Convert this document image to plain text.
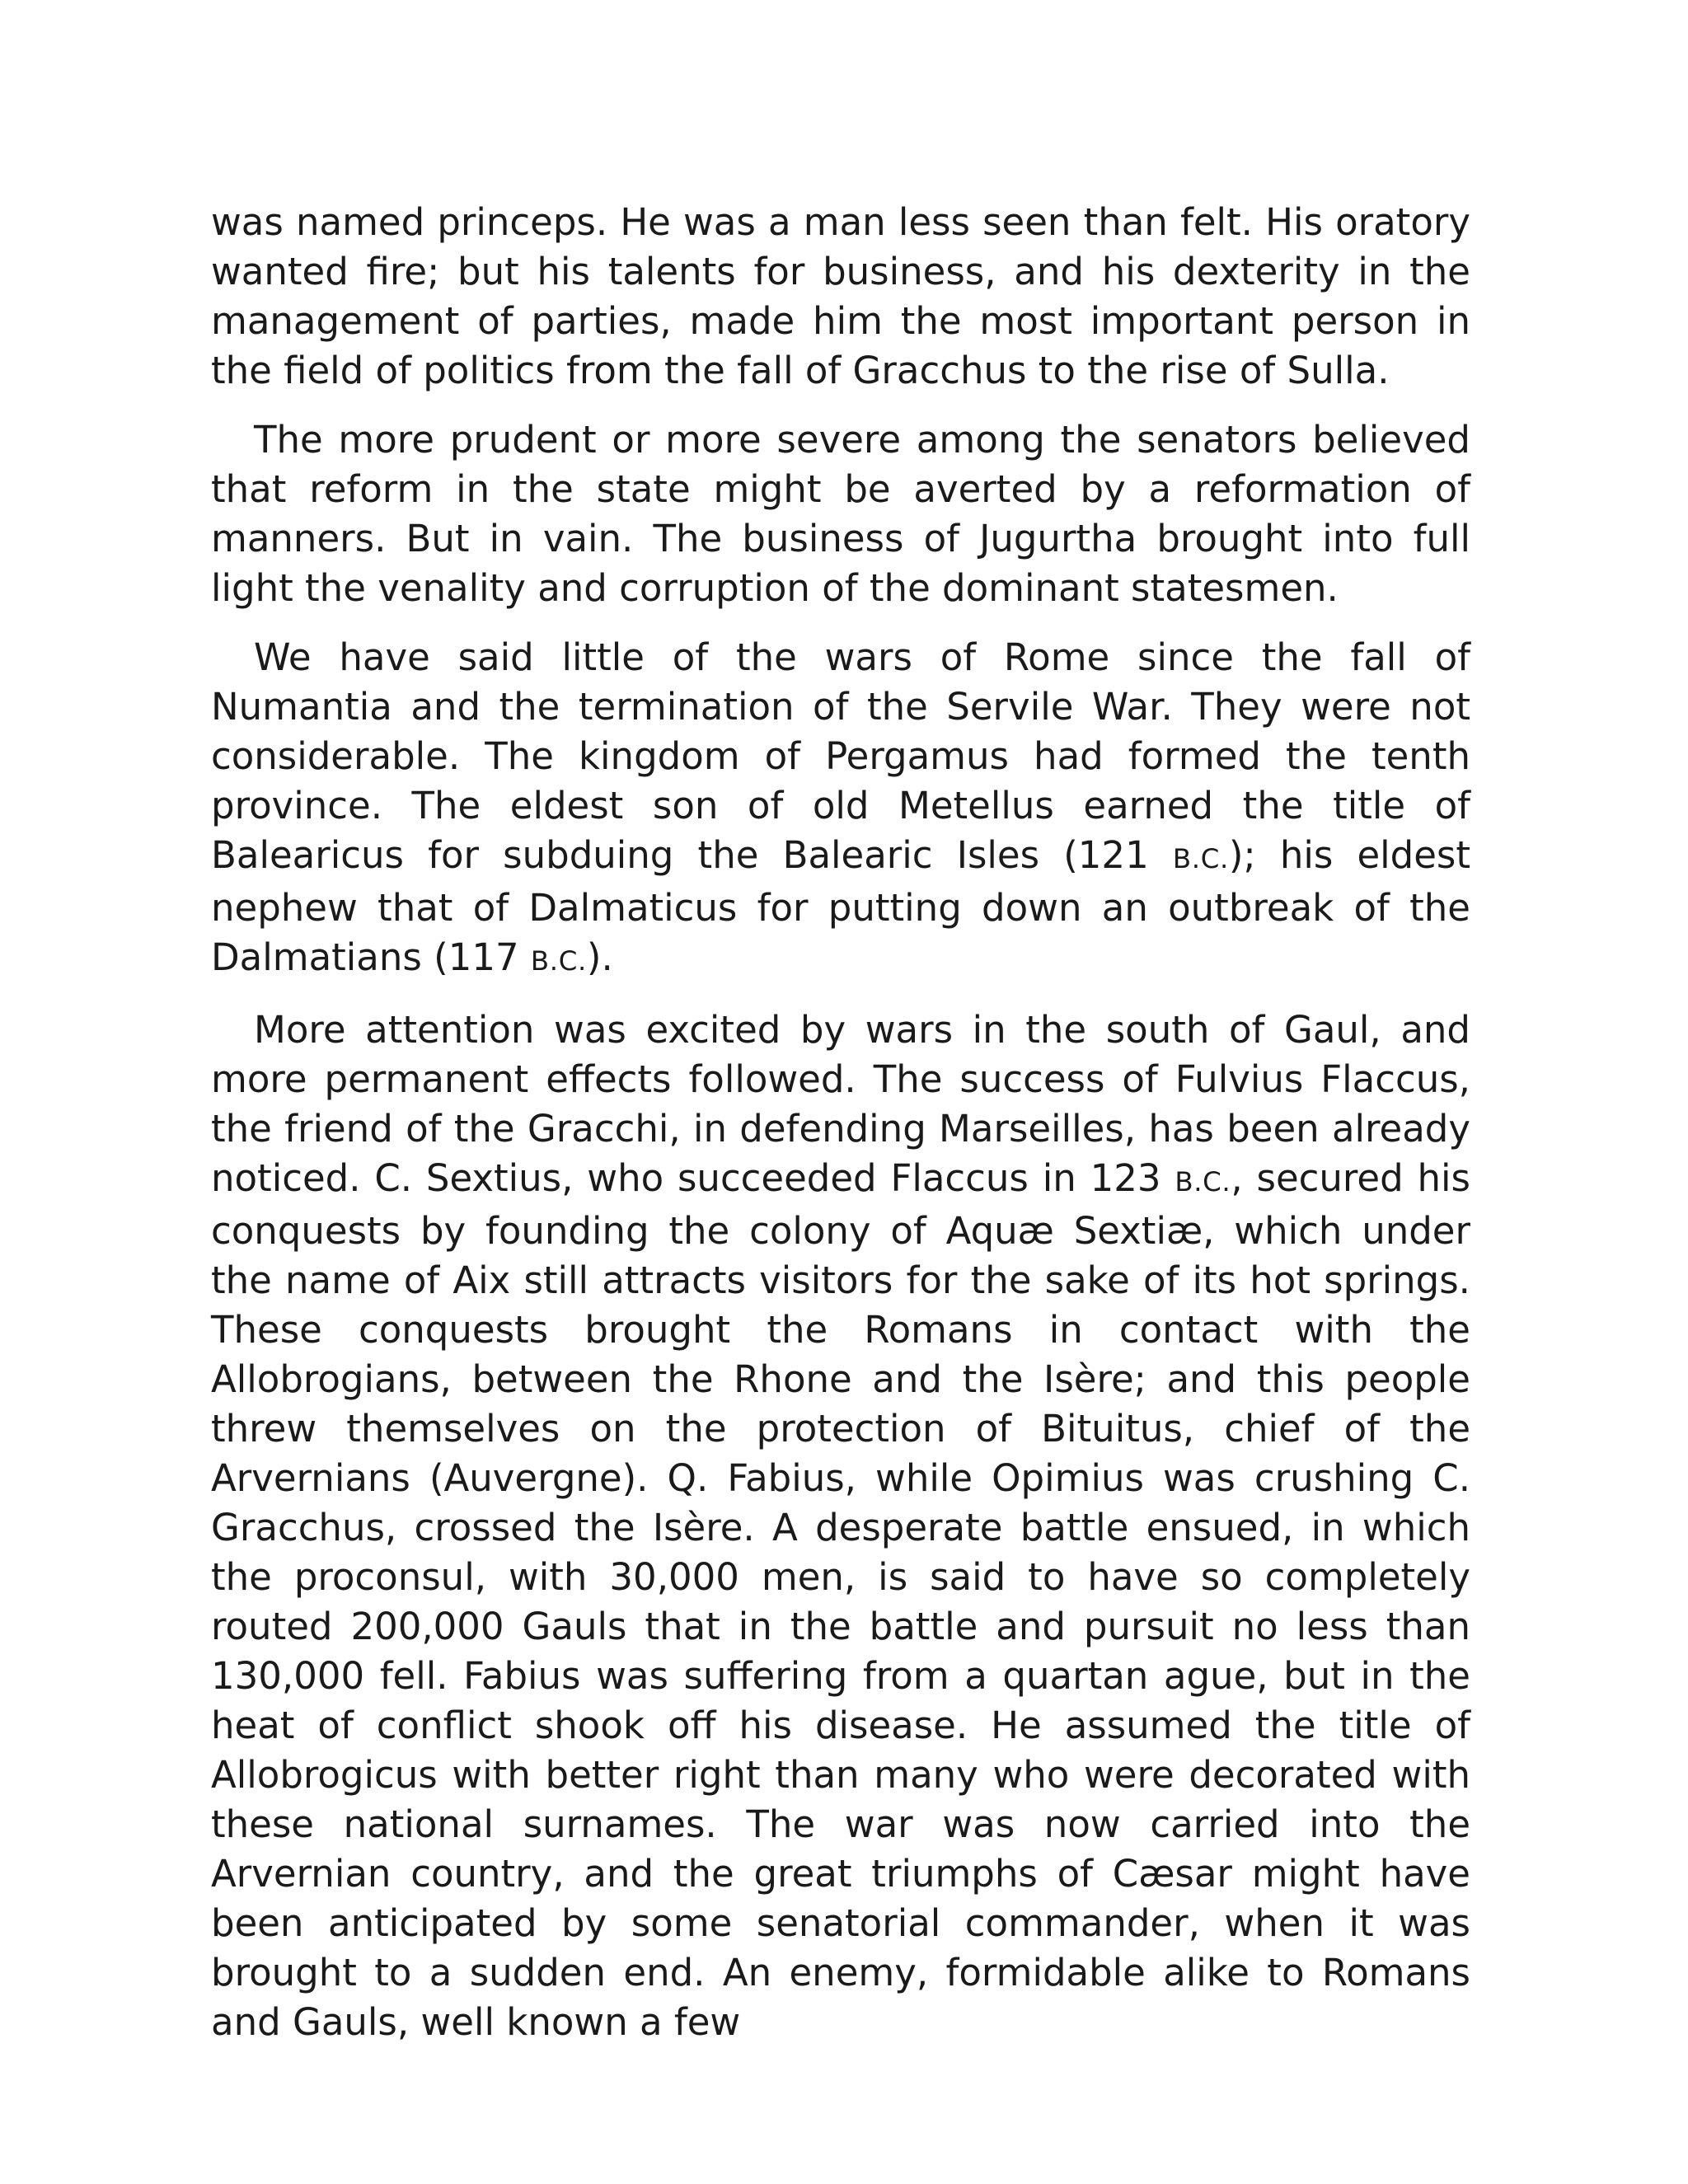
was named princeps. He was a man less seen than felt. His oratory wanted fire; but his talents for business, and his dexterity in the management of parties, made him the most important person in the field of politics from the fall of Gracchus to the rise of Sulla.

The more prudent or more severe among the senators believed that reform in the state might be averted by a reformation of manners. But in vain. The business of Jugurtha brought into full light the venality and corruption of the dominant statesmen.

We have said little of the wars of Rome since the fall of Numantia and the termination of the Servile War. They were not considerable. The kingdom of Pergamus had formed the tenth province. The eldest son of old Metellus earned the title of Balearicus for subduing the Balearic Isles (121 B.C.); his eldest nephew that of Dalmaticus for putting down an outbreak of the Dalmatians (117 B.C.).

More attention was excited by wars in the south of Gaul, and more permanent effects followed. The success of Fulvius Flaccus, the friend of the Gracchi, in defending Marseilles, has been already noticed. C. Sextius, who succeeded Flaccus in 123 B.C., secured his conquests by founding the colony of Aquæ Sextiæ, which under the name of Aix still attracts visitors for the sake of its hot springs. These conquests brought the Romans in contact with the Allobrogians, between the Rhone and the Isère; and this people threw themselves on the protection of Bituitus, chief of the Arvernians (Auvergne). Q. Fabius, while Opimius was crushing C. Gracchus, crossed the Isère. A desperate battle ensued, in which the proconsul, with 30,000 men, is said to have so completely routed 200,000 Gauls that in the battle and pursuit no less than 130,000 fell. Fabius was suffering from a quartan ague, but in the heat of conflict shook off his disease. He assumed the title of Allobrogicus with better right than many who were decorated with these national surnames. The war was now carried into the Arvernian country, and the great triumphs of Cæsar might have been anticipated by some senatorial commander, when it was brought to a sudden end. An enemy, formidable alike to Romans and Gauls, well known a few
